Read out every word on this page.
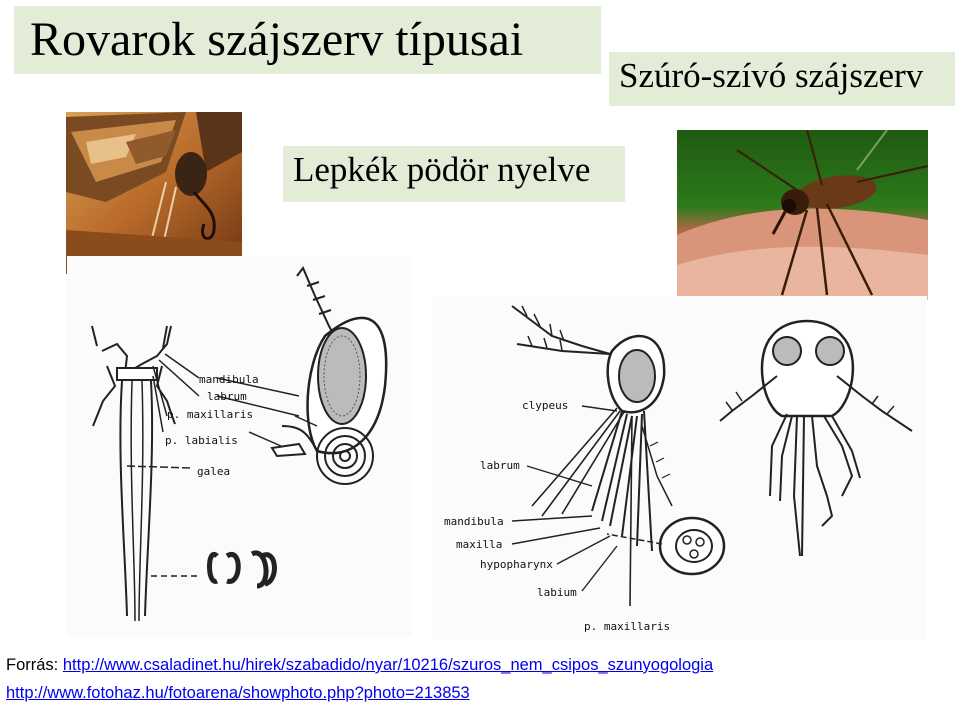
Rovarok szájszerv típusai
Szúró-szívó szájszerv
Lepkék pödör nyelve
mandibula
labrum
p. maxillaris
p. labialis
galea
clypeus
labrum
mandibula
maxilla
hypopharynx
labium
p. maxillaris
Forrás: http://www.csaladinet.hu/hirek/szabadido/nyar/10216/szuros_nem_csipos_szunyogologia
http://www.fotohaz.hu/fotoarena/showphoto.php?photo=213853
